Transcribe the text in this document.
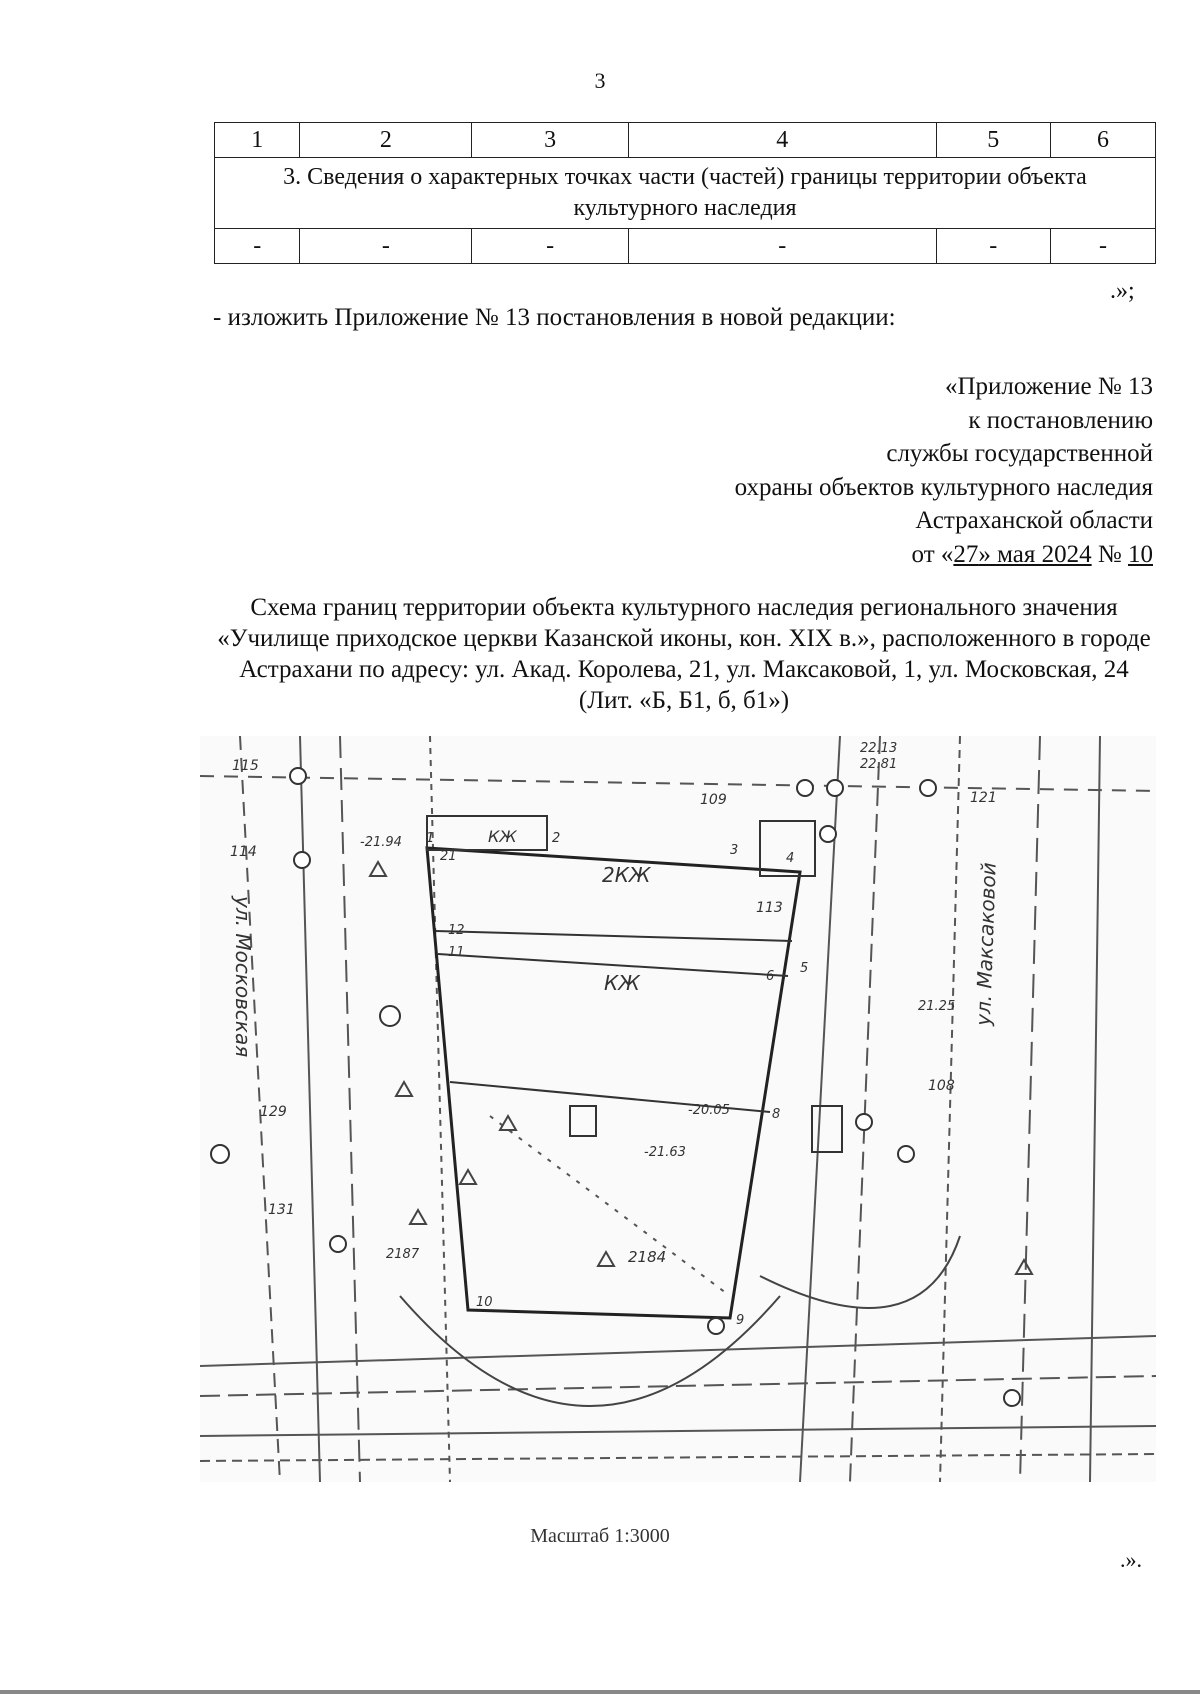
3
1	2	3	4	5	6
3. Сведения о характерных точках части (частей) границы территории объекта культурного наследия					
-	-	-	-	-	-
.»;
- изложить Приложение № 13 постановления в новой редакции:
«Приложение № 13
к постановлению
службы государственной
охраны объектов культурного наследия
Астраханской области
от «27» мая 2024 № 10
Схема границ территории объекта культурного наследия регионального значения «Училище приходское церкви Казанской иконы, кон. XIX в.», расположенного в городе Астрахани по адресу: ул. Акад. Королева, 21, ул. Максаковой, 1, ул. Московская, 24 (Лит. «Б, Б1, б, б1»)
ул. Московская	ул. Максаковой
КЖ
2КЖ
КЖ
1	2
3
4
5
6
8
9
10
11
12
21
-21.94
-20.05
-21.63
21.25
2184
2187
22.81
22.13
109
113
114
115
121
129
131
108
Масштаб 1:3000
.».
